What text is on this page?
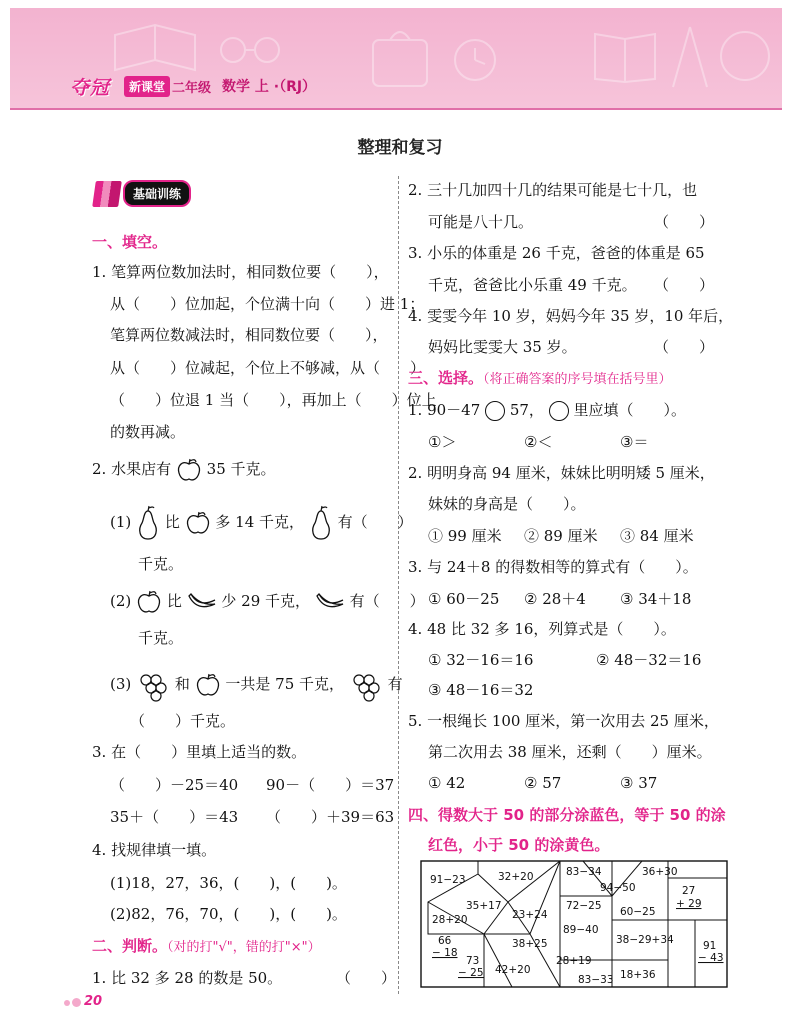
夺冠	新课堂 二年级 数学 上 ·（RJ）
整理和复习
基础训练
一、填空。
1. 笔算两位数加法时，相同数位要（　　），
从（　　）位加起，个位满十向（　　）进 1；
笔算两位数减法时，相同数位要（　　），
从（　　）位减起，个位上不够减，从（　　）
（　　）位退 1 当（　　），再加上（　　）位上
的数再减。
2. 水果店有 35 千克。
(1) 比 多 14 千克， 有（　　）
千克。
(2) 比	少 29 千克，	有（　　）
千克。
(3)	和 一共是 75 千克，	有
（　　）千克。
3. 在（　　）里填上适当的数。
（　　）－25＝40 90－（　　）＝37
35＋（　　）＝43 （　　）＋39＝63
4. 找规律填一填。
(1)18，27，36，(　　)，(　　)。
(2)82，76，70，(　　)，(　　)。
二、判断。（对的打"√"，错的打"×"）
1. 比 32 多 28 的数是 50。	（　　）
2. 三十几加四十几的结果可能是七十几，也
可能是八十几。	（　　）
3. 小乐的体重是 26 千克，爸爸的体重是 65
千克，爸爸比小乐重 49 千克。 （　　）
4. 雯雯今年 10 岁，妈妈今年 35 岁，10 年后，
妈妈比雯雯大 35 岁。	（　　）
三、选择。（将正确答案的序号填在括号里）
1. 90－47 57， 里应填（　　）。
①＞	②＜	③＝
2. 明明身高 94 厘米，妹妹比明明矮 5 厘米，
妹妹的身高是（　　）。
① 99 厘米 ② 89 厘米 ③ 84 厘米
3. 与 24＋8 的得数相等的算式有（　　）。
① 60－25 ② 28＋4 ③ 34＋18
4. 48 比 32 多 16，列算式是（　　）。
① 32－16＝16	② 48－32＝16
③ 48－16＝32
5. 一根绳长 100 厘米，第一次用去 25 厘米，
第二次用去 38 厘米，还剩（　　）厘米。
① 42	② 57	③ 37
四、得数大于 50 的部分涂蓝色，等于 50 的涂
红色，小于 50 的涂黄色。
91−23	32+20	83−34	36+30
94−50
35+17	72−25
27
+ 29
28+20	23+24	60−25
89−40
66
− 18
38+25	38−29+34	91
− 43
73
− 25 42+20
28+19
83−33 18+36
20
